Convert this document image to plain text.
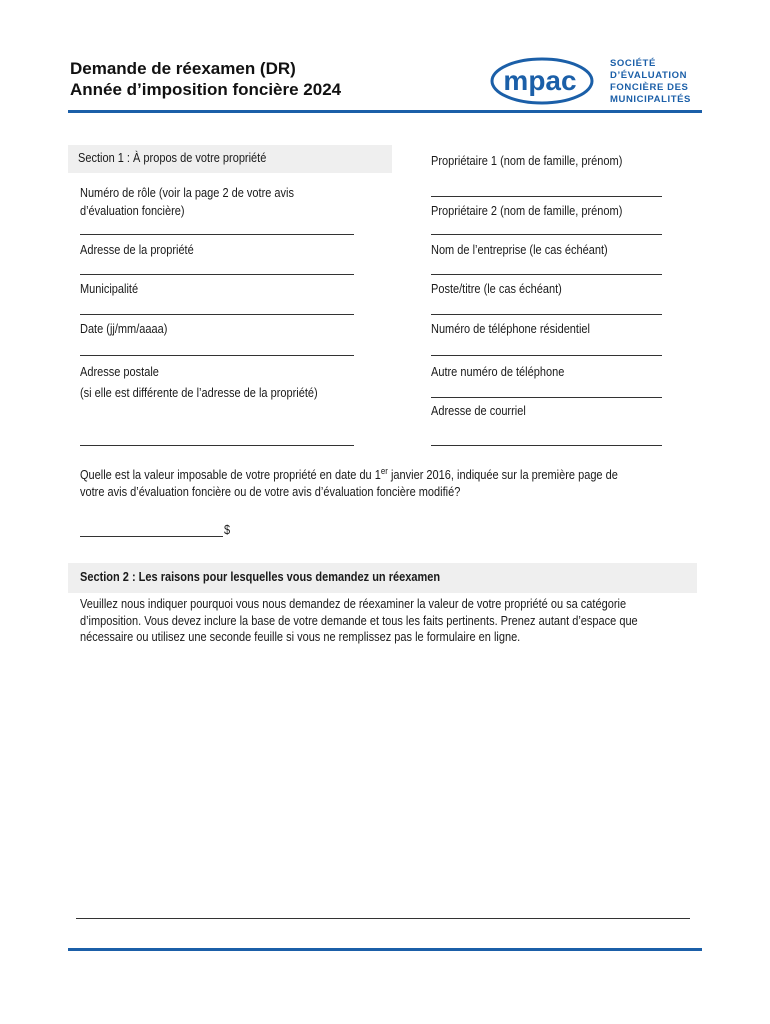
Demande de réexamen (DR)
Année d’imposition foncière 2024	mpac
SOCIÉTÉ
D’ÉVALUATION
FONCIÈRE DES
MUNICIPALITÉS
Section 1 : À propos de votre propriété
Numéro de rôle (voir la page 2 de votre avis
d’évaluation foncière)
Adresse de la propriété
Municipalité
Date (jj/mm/aaaa)
Adresse postale
(si elle est différente de l’adresse de la propriété)
Propriétaire 1 (nom de famille, prénom)
Propriétaire 2 (nom de famille, prénom)
Nom de l’entreprise (le cas échéant)
Poste/titre (le cas échéant)
Numéro de téléphone résidentiel
Autre numéro de téléphone
Adresse de courriel
Quelle est la valeur imposable de votre propriété en date du 1er janvier 2016, indiquée sur la première page de
votre avis d’évaluation foncière ou de votre avis d’évaluation foncière modifié?
$
Section 2 : Les raisons pour lesquelles vous demandez un réexamen
Veuillez nous indiquer pourquoi vous nous demandez de réexaminer la valeur de votre propriété ou sa catégorie
d’imposition. Vous devez inclure la base de votre demande et tous les faits pertinents. Prenez autant d’espace que
nécessaire ou utilisez une seconde feuille si vous ne remplissez pas le formulaire en ligne.
